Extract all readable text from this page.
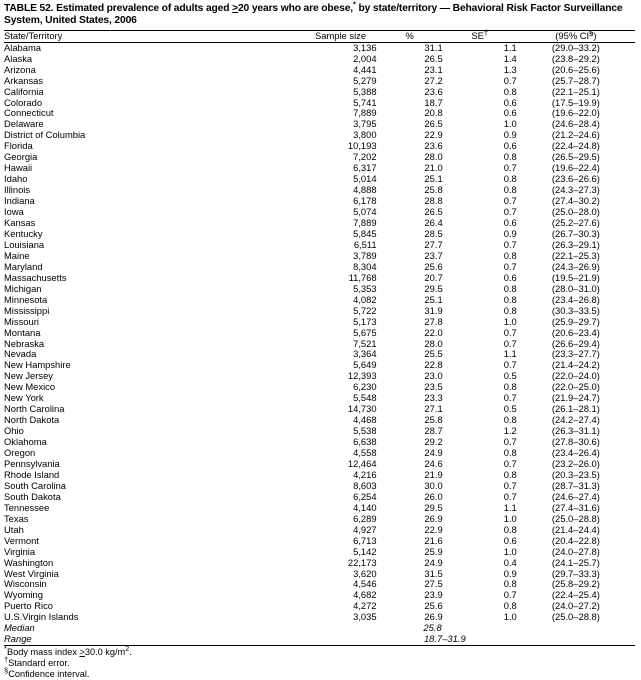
TABLE 52. Estimated prevalence of adults aged ≥20 years who are obese,* by state/territory — Behavioral Risk Factor Surveillance System, United States, 2006
State/Territory	Sample size	%	SE†	(95% CI§)
Alabama	3,136	31.1	1.1	(29.0–33.2)
Alaska	2,004	26.5	1.4	(23.8–29.2)
Arizona	4,441	23.1	1.3	(20.6–25.6)
Arkansas	5,279	27.2	0.7	(25.7–28.7)
California	5,388	23.6	0.8	(22.1–25.1)
Colorado	5,741	18.7	0.6	(17.5–19.9)
Connecticut	7,889	20.8	0.6	(19.6–22.0)
Delaware	3,795	26.5	1.0	(24.6–28.4)
District of Columbia	3,800	22.9	0.9	(21.2–24.6)
Florida	10,193	23.6	0.6	(22.4–24.8)
Georgia	7,202	28.0	0.8	(26.5–29.5)
Hawaii	6,317	21.0	0.7	(19.6–22.4)
Idaho	5,014	25.1	0.8	(23.6–26.6)
Illinois	4,888	25.8	0.8	(24.3–27.3)
Indiana	6,178	28.8	0.7	(27.4–30.2)
Iowa	5,074	26.5	0.7	(25.0–28.0)
Kansas	7,889	26.4	0.6	(25.2–27.6)
Kentucky	5,845	28.5	0.9	(26.7–30.3)
Louisiana	6,511	27.7	0.7	(26.3–29.1)
Maine	3,789	23.7	0.8	(22.1–25.3)
Maryland	8,304	25.6	0.7	(24.3–26.9)
Massachusetts	11,768	20.7	0.6	(19.5–21.9)
Michigan	5,353	29.5	0.8	(28.0–31.0)
Minnesota	4,082	25.1	0.8	(23.4–26.8)
Mississippi	5,722	31.9	0.8	(30.3–33.5)
Missouri	5,173	27.8	1.0	(25.9–29.7)
Montana	5,675	22.0	0.7	(20.6–23.4)
Nebraska	7,521	28.0	0.7	(26.6–29.4)
Nevada	3,364	25.5	1.1	(23.3–27.7)
New Hampshire	5,649	22.8	0.7	(21.4–24.2)
New Jersey	12,393	23.0	0.5	(22.0–24.0)
New Mexico	6,230	23.5	0.8	(22.0–25.0)
New York	5,548	23.3	0.7	(21.9–24.7)
North Carolina	14,730	27.1	0.5	(26.1–28.1)
North Dakota	4,468	25.8	0.8	(24.2–27.4)
Ohio	5,538	28.7	1.2	(26.3–31.1)
Oklahoma	6,638	29.2	0.7	(27.8–30.6)
Oregon	4,558	24.9	0.8	(23.4–26.4)
Pennsylvania	12,464	24.6	0.7	(23.2–26.0)
Rhode Island	4,216	21.9	0.8	(20.3–23.5)
South Carolina	8,603	30.0	0.7	(28.7–31.3)
South Dakota	6,254	26.0	0.7	(24.6–27.4)
Tennessee	4,140	29.5	1.1	(27.4–31.6)
Texas	6,289	26.9	1.0	(25.0–28.8)
Utah	4,927	22.9	0.8	(21.4–24.4)
Vermont	6,713	21.6	0.6	(20.4–22.8)
Virginia	5,142	25.9	1.0	(24.0–27.8)
Washington	22,173	24.9	0.4	(24.1–25.7)
West Virginia	3,620	31.5	0.9	(29.7–33.3)
Wisconsin	4,546	27.5	0.8	(25.8–29.2)
Wyoming	4,682	23.9	0.7	(22.4–25.4)
Puerto Rico	4,272	25.6	0.8	(24.0–27.2)
U.S.Virgin Islands	3,035	26.9	1.0	(25.0–28.8)
Median		25.8		
Range		18.7–31.9		
*Body mass index >30.0 $kg/m^2$.
†Standard error.
§Confidence interval.
